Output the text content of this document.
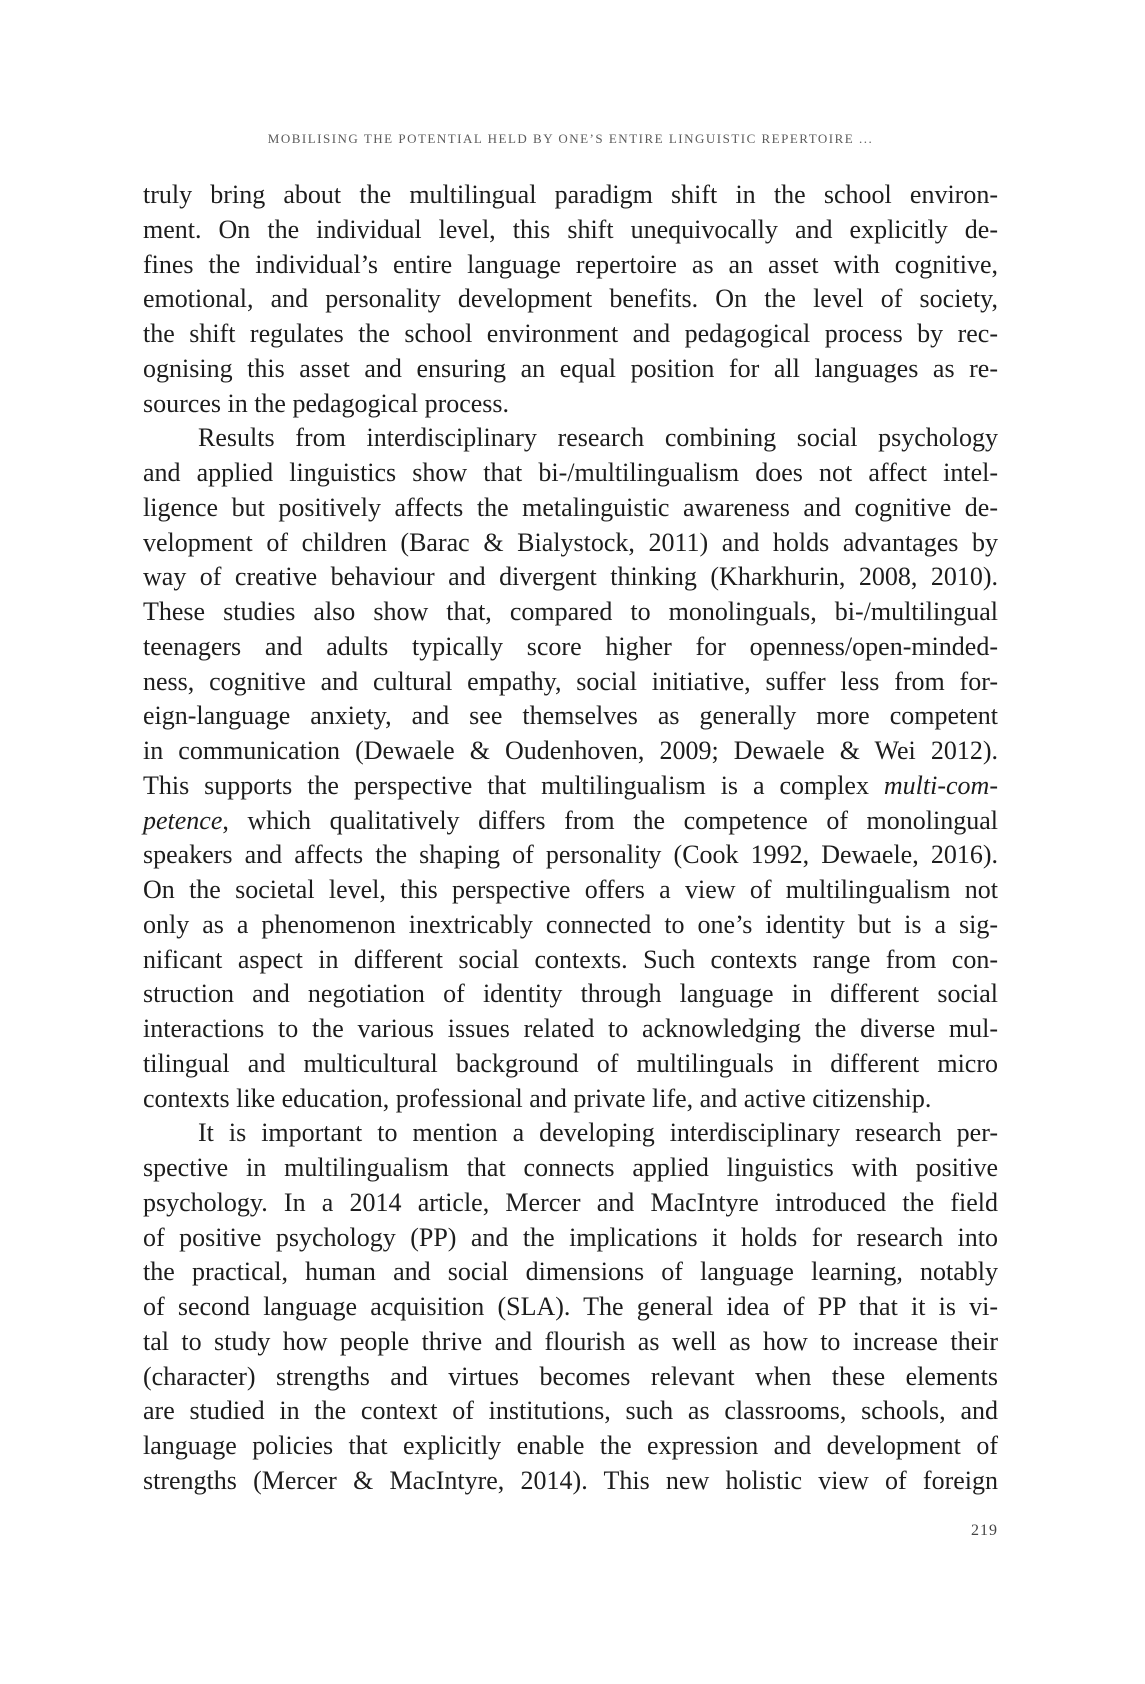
MOBILISING THE POTENTIAL HELD BY ONE’S ENTIRE LINGUISTIC REPERTOIRE ...
truly bring about the multilingual paradigm shift in the school environ-
ment. On the individual level, this shift unequivocally and explicitly de-
fines the individual’s entire language repertoire as an asset with cognitive,
emotional, and personality development benefits. On the level of society,
the shift regulates the school environment and pedagogical process by rec-
ognising this asset and ensuring an equal position for all languages as re-
sources in the pedagogical process.
Results from interdisciplinary research combining social psychology
and applied linguistics show that bi-/multilingualism does not affect intel-
ligence but positively affects the metalinguistic awareness and cognitive de-
velopment of children (Barac & Bialystock, 2011) and holds advantages by
way of creative behaviour and divergent thinking (Kharkhurin, 2008, 2010).
These studies also show that, compared to monolinguals, bi-/multilingual
teenagers and adults typically score higher for openness/open-minded-
ness, cognitive and cultural empathy, social initiative, suffer less from for-
eign-language anxiety, and see themselves as generally more competent
in communication (Dewaele & Oudenhoven, 2009; Dewaele & Wei 2012).
This supports the perspective that multilingualism is a complex multi-com-
petence, which qualitatively differs from the competence of monolingual
speakers and affects the shaping of personality (Cook 1992, Dewaele, 2016).
On the societal level, this perspective offers a view of multilingualism not
only as a phenomenon inextricably connected to one’s identity but is a sig-
nificant aspect in different social contexts. Such contexts range from con-
struction and negotiation of identity through language in different social
interactions to the various issues related to acknowledging the diverse mul-
tilingual and multicultural background of multilinguals in different micro
contexts like education, professional and private life, and active citizenship.
It is important to mention a developing interdisciplinary research per-
spective in multilingualism that connects applied linguistics with positive
psychology. In a 2014 article, Mercer and MacIntyre introduced the field
of positive psychology (PP) and the implications it holds for research into
the practical, human and social dimensions of language learning, notably
of second language acquisition (SLA). The general idea of PP that it is vi-
tal to study how people thrive and flourish as well as how to increase their
(character) strengths and virtues becomes relevant when these elements
are studied in the context of institutions, such as classrooms, schools, and
language policies that explicitly enable the expression and development of
strengths (Mercer & MacIntyre, 2014). This new holistic view of foreign
219
